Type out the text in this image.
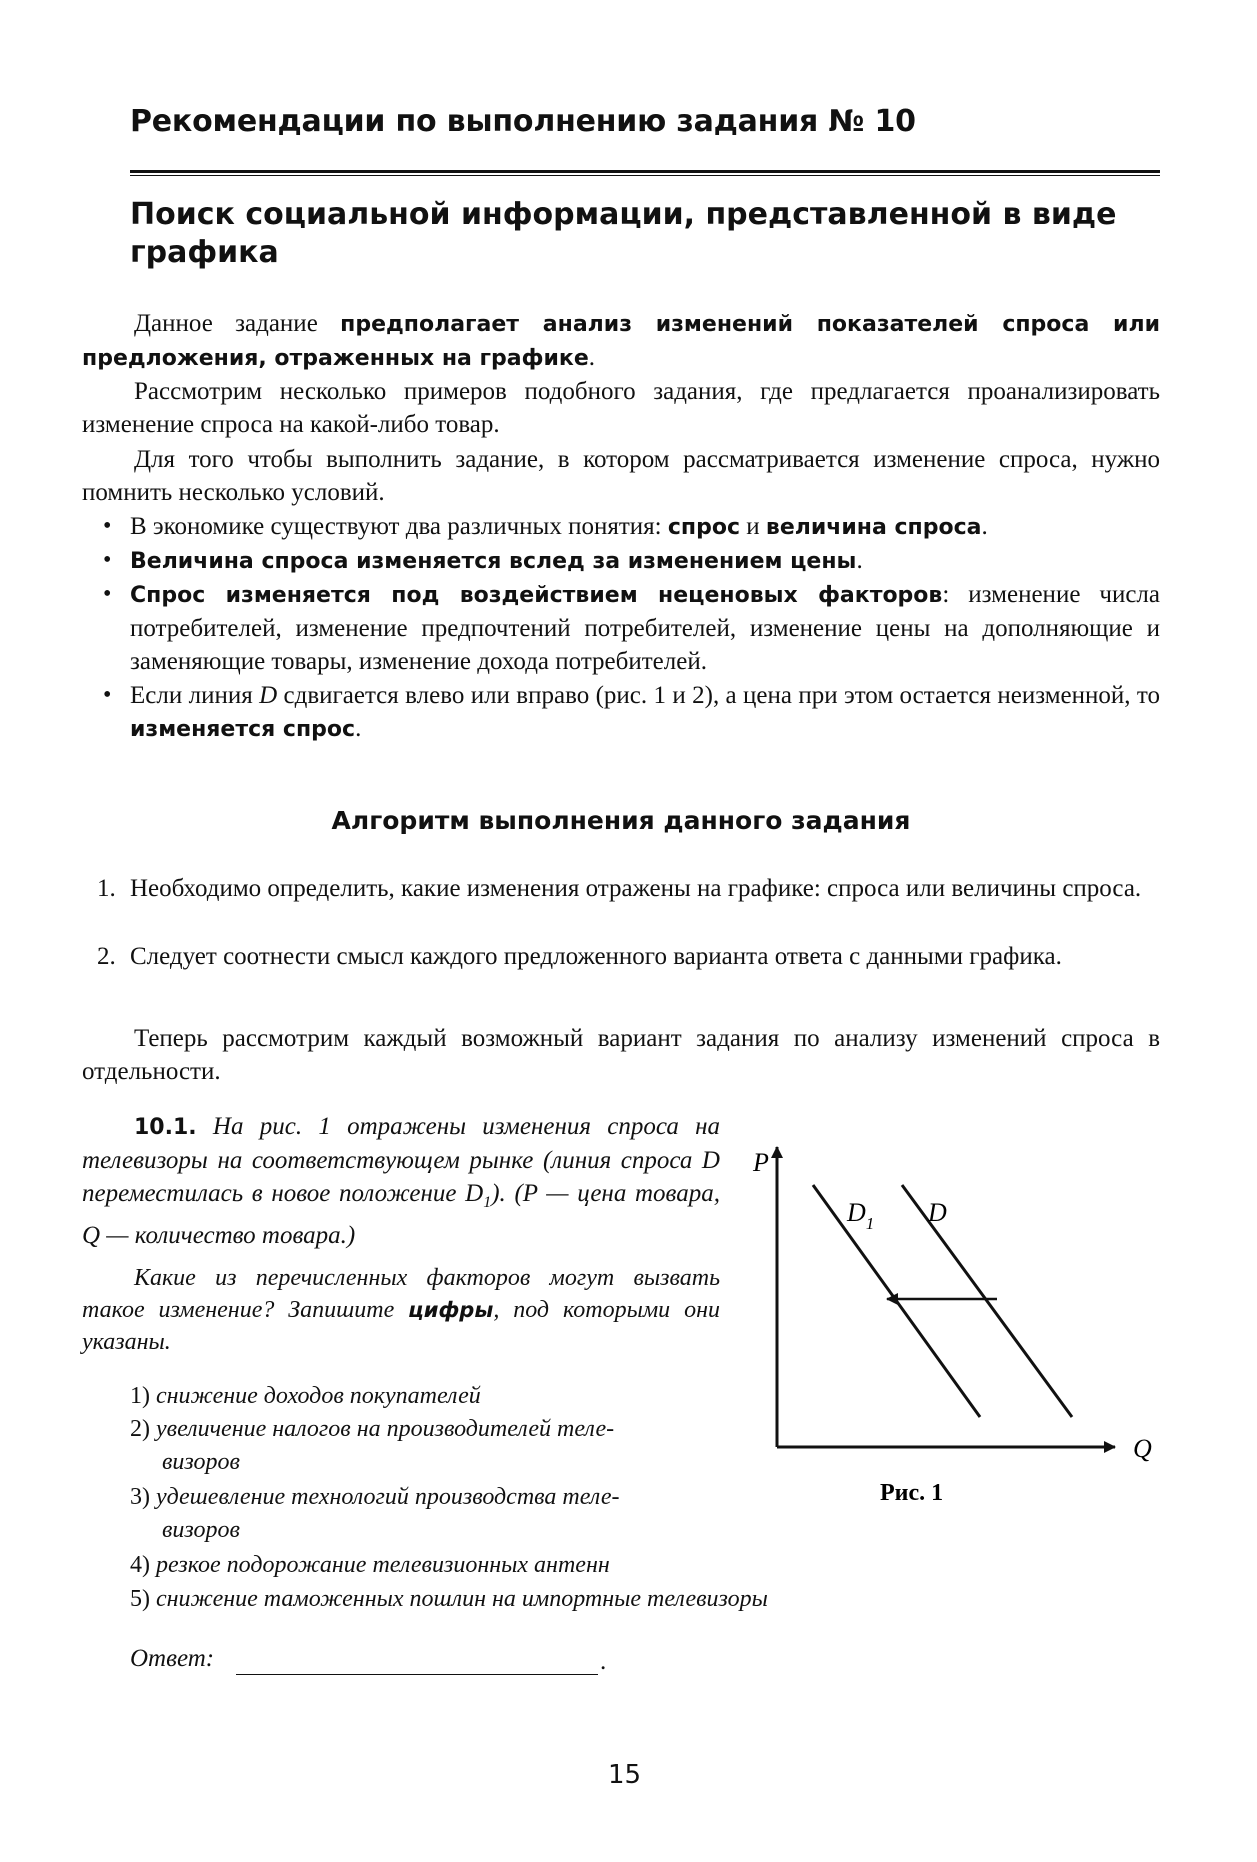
Рекомендации по выполнению задания № 10
Поиск социальной информации, представленной в виде графика
Данное задание предполагает анализ изменений показателей спроса или предложения, отраженных на графике.
Рассмотрим несколько примеров подобного задания, где предлагается проанализировать изменение спроса на какой-либо товар.
Для того чтобы выполнить задание, в котором рассматривается изменение спроса, нужно помнить несколько условий.
• В экономике существуют два различных понятия: спрос и величина спроса.
• Величина спроса изменяется вслед за изменением цены.
• Спрос изменяется под воздействием неценовых факторов: изменение числа потребителей, изменение предпочтений потребителей, изменение цены на дополняющие и заменяющие товары, изменение дохода потребителей.
• Если линия D сдвигается влево или вправо (рис. 1 и 2), а цена при этом остается неизменной, то изменяется спрос.
Алгоритм выполнения данного задания
1. Необходимо определить, какие изменения отражены на графике: спроса или величины спроса.
2. Следует соотнести смысл каждого предложенного варианта ответа с данными графика.
Теперь рассмотрим каждый возможный вариант задания по анализу изменений спроса в отдельности.
10.1. На рис. 1 отражены изменения спроса на телевизоры на соответствующем рынке (линия спроса D переместилась в новое положение $D_1$). (P — цена товара, Q — количество товара.)
Какие из перечисленных факторов могут вызвать такое изменение? Запишите цифры, под которыми они указаны.
1) снижение доходов покупателей
2) увеличение налогов на производителей теле-
визоров
3) удешевление технологий производства теле-
визоров
4) резкое подорожание телевизионных антенн
5) снижение таможенных пошлин на импортные телевизоры
Ответ:	.
P
Q
$D_1$ D
Рис. 1
15
